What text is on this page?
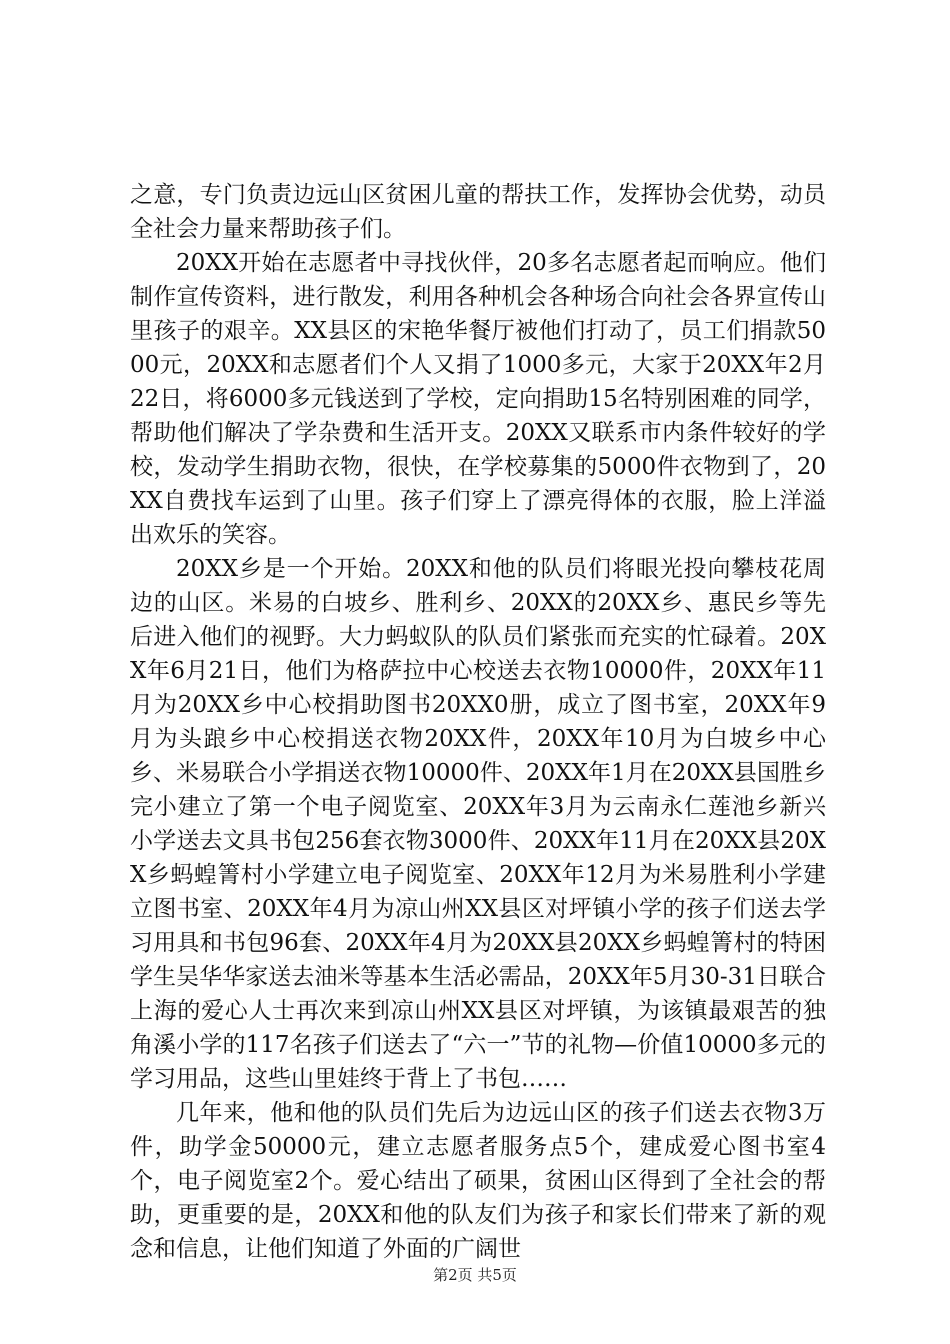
之意，专门负责边远山区贫困儿童的帮扶工作，发挥协会优势，动员全社会力量来帮助孩子们。

20XX开始在志愿者中寻找伙伴，20多名志愿者起而响应。他们制作宣传资料，进行散发，利用各种机会各种场合向社会各界宣传山里孩子的艰辛。XX县区的宋艳华餐厅被他们打动了，员工们捐款5000元，20XX和志愿者们个人又捐了1000多元，大家于20XX年2月22日，将6000多元钱送到了学校，定向捐助15名特别困难的同学，帮助他们解决了学杂费和生活开支。20XX又联系市内条件较好的学校，发动学生捐助衣物，很快，在学校募集的5000件衣物到了，20XX自费找车运到了山里。孩子们穿上了漂亮得体的衣服，脸上洋溢出欢乐的笑容。

20XX乡是一个开始。20XX和他的队员们将眼光投向攀枝花周边的山区。米易的白坡乡、胜利乡、20XX的20XX乡、惠民乡等先后进入他们的视野。大力蚂蚁队的队员们紧张而充实的忙碌着。20XX年6月21日，他们为格萨拉中心校送去衣物10000件，20XX年11月为20XX乡中心校捐助图书20XX0册，成立了图书室，20XX年9月为头踉乡中心校捐送衣物20XX件，20XX年10月为白坡乡中心乡、米易联合小学捐送衣物10000件、20XX年1月在20XX县国胜乡完小建立了第一个电子阅览室、20XX年3月为云南永仁莲池乡新兴小学送去文具书包256套衣物3000件、20XX年11月在20XX县20XX乡蚂蝗箐村小学建立电子阅览室、20XX年12月为米易胜利小学建立图书室、20XX年4月为凉山州XX县区对坪镇小学的孩子们送去学习用具和书包96套、20XX年4月为20XX县20XX乡蚂蝗箐村的特困学生吴华华家送去油米等基本生活必需品，20XX年5月30-31日联合上海的爱心人士再次来到凉山州XX县区对坪镇，为该镇最艰苦的独角溪小学的117名孩子们送去了“六一”节的礼物—价值10000多元的学习用品，这些山里娃终于背上了书包……

几年来，他和他的队员们先后为边远山区的孩子们送去衣物3万件，助学金50000元，建立志愿者服务点5个，建成爱心图书室4个，电子阅览室2个。爱心结出了硕果，贫困山区得到了全社会的帮助，更重要的是，20XX和他的队友们为孩子和家长们带来了新的观念和信息，让他们知道了外面的广阔世

第2页 共5页
